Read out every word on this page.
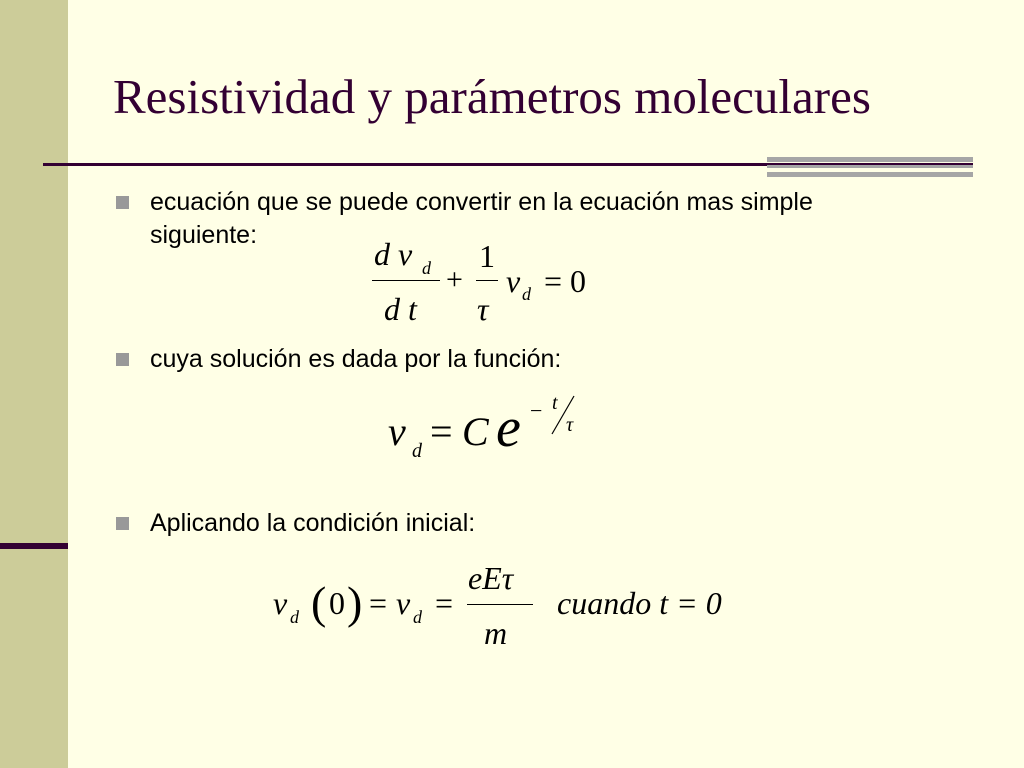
Resistividad y parámetros moleculares
ecuación que se puede convertir en la ecuación mas simple siguiente:
d v d
d t
+
1
τ
v d = 0
cuya solución es dada por la función:
v d = C e − t
τ
Aplicando la condición inicial:
v d ( 0 ) = v d =
eEτ
m
cuando t = 0
